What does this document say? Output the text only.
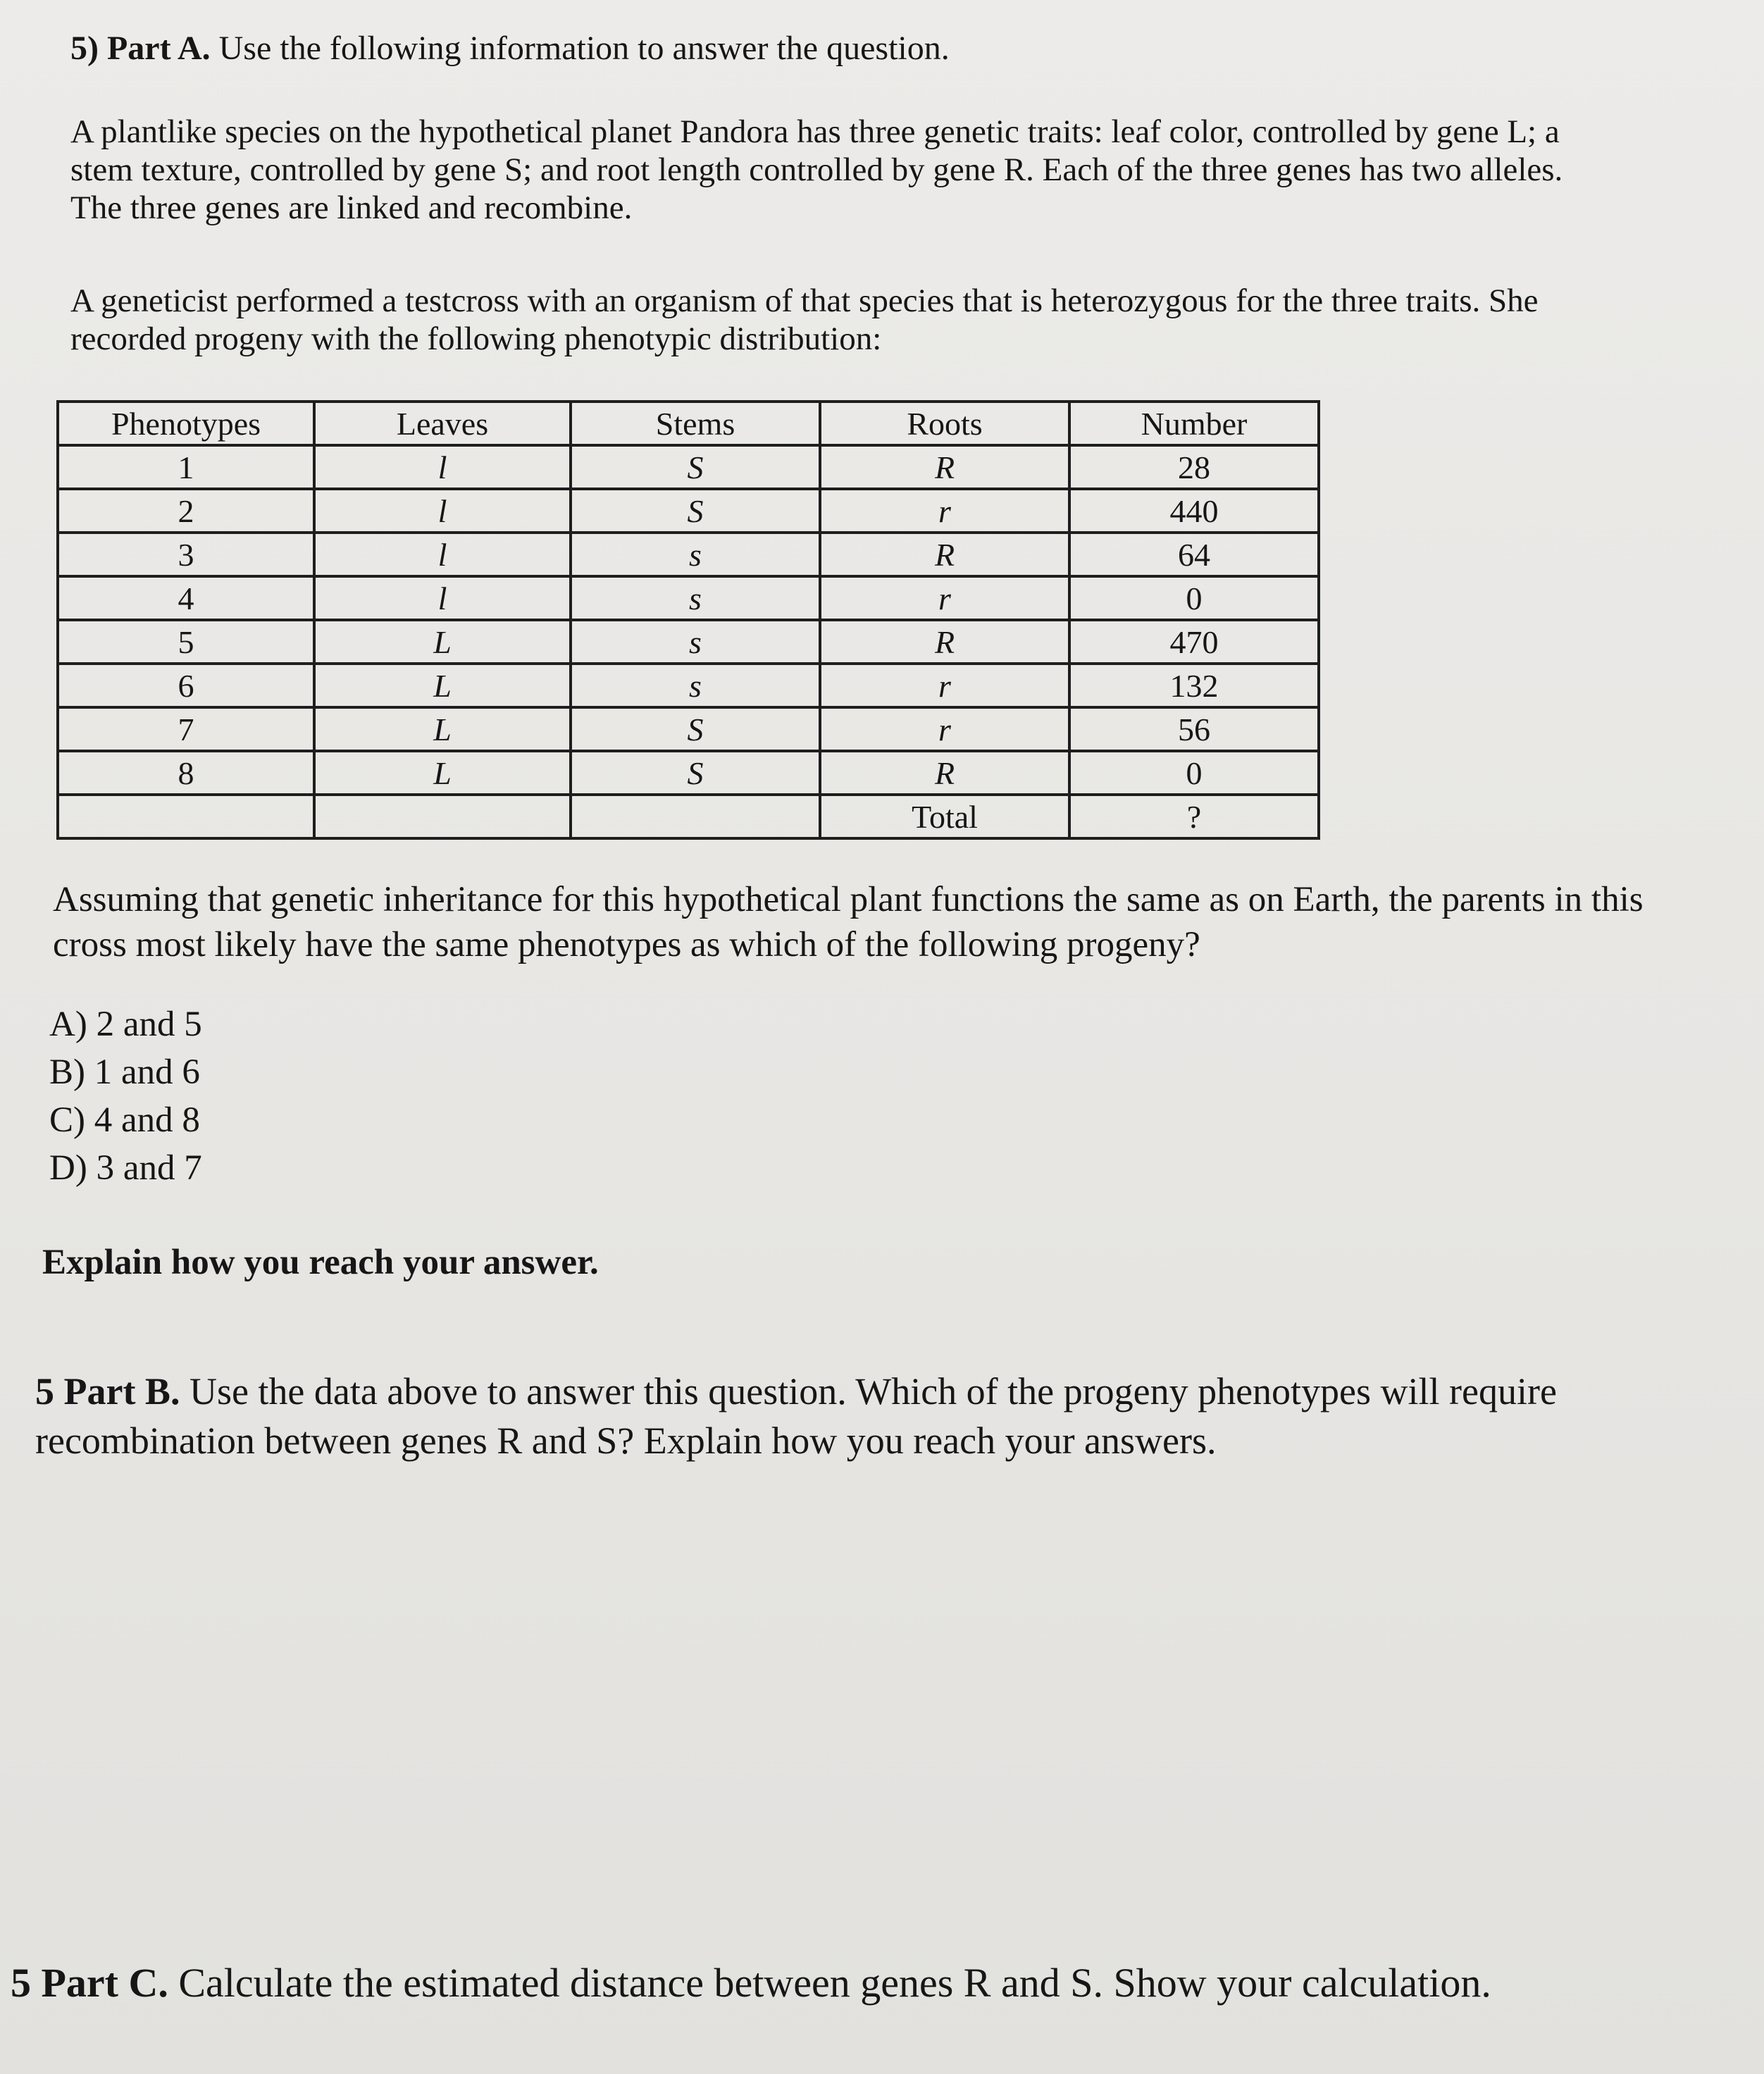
5) Part A. Use the following information to answer the question.
A plantlike species on the hypothetical planet Pandora has three genetic traits: leaf color, controlled by gene L; a stem texture, controlled by gene S; and root length controlled by gene R. Each of the three genes has two alleles. The three genes are linked and recombine.
A geneticist performed a testcross with an organism of that species that is heterozygous for the three traits. She recorded progeny with the following phenotypic distribution:
Phenotypes	Leaves	Stems	Roots	Number
1	l	S	R	28
2	l	S	r	440
3	l	s	R	64
4	l	s	r	0
5	L	s	R	470
6	L	s	r	132
7	L	S	r	56
8	L	S	R	0
			Total	?
Assuming that genetic inheritance for this hypothetical plant functions the same as on Earth, the parents in this cross most likely have the same phenotypes as which of the following progeny?
A) 2 and 5
B) 1 and 6
C) 4 and 8
D) 3 and 7
Explain how you reach your answer.
5 Part B. Use the data above to answer this question. Which of the progeny phenotypes will require recombination between genes R and S? Explain how you reach your answers.
5 Part C. Calculate the estimated distance between genes R and S. Show your calculation.
